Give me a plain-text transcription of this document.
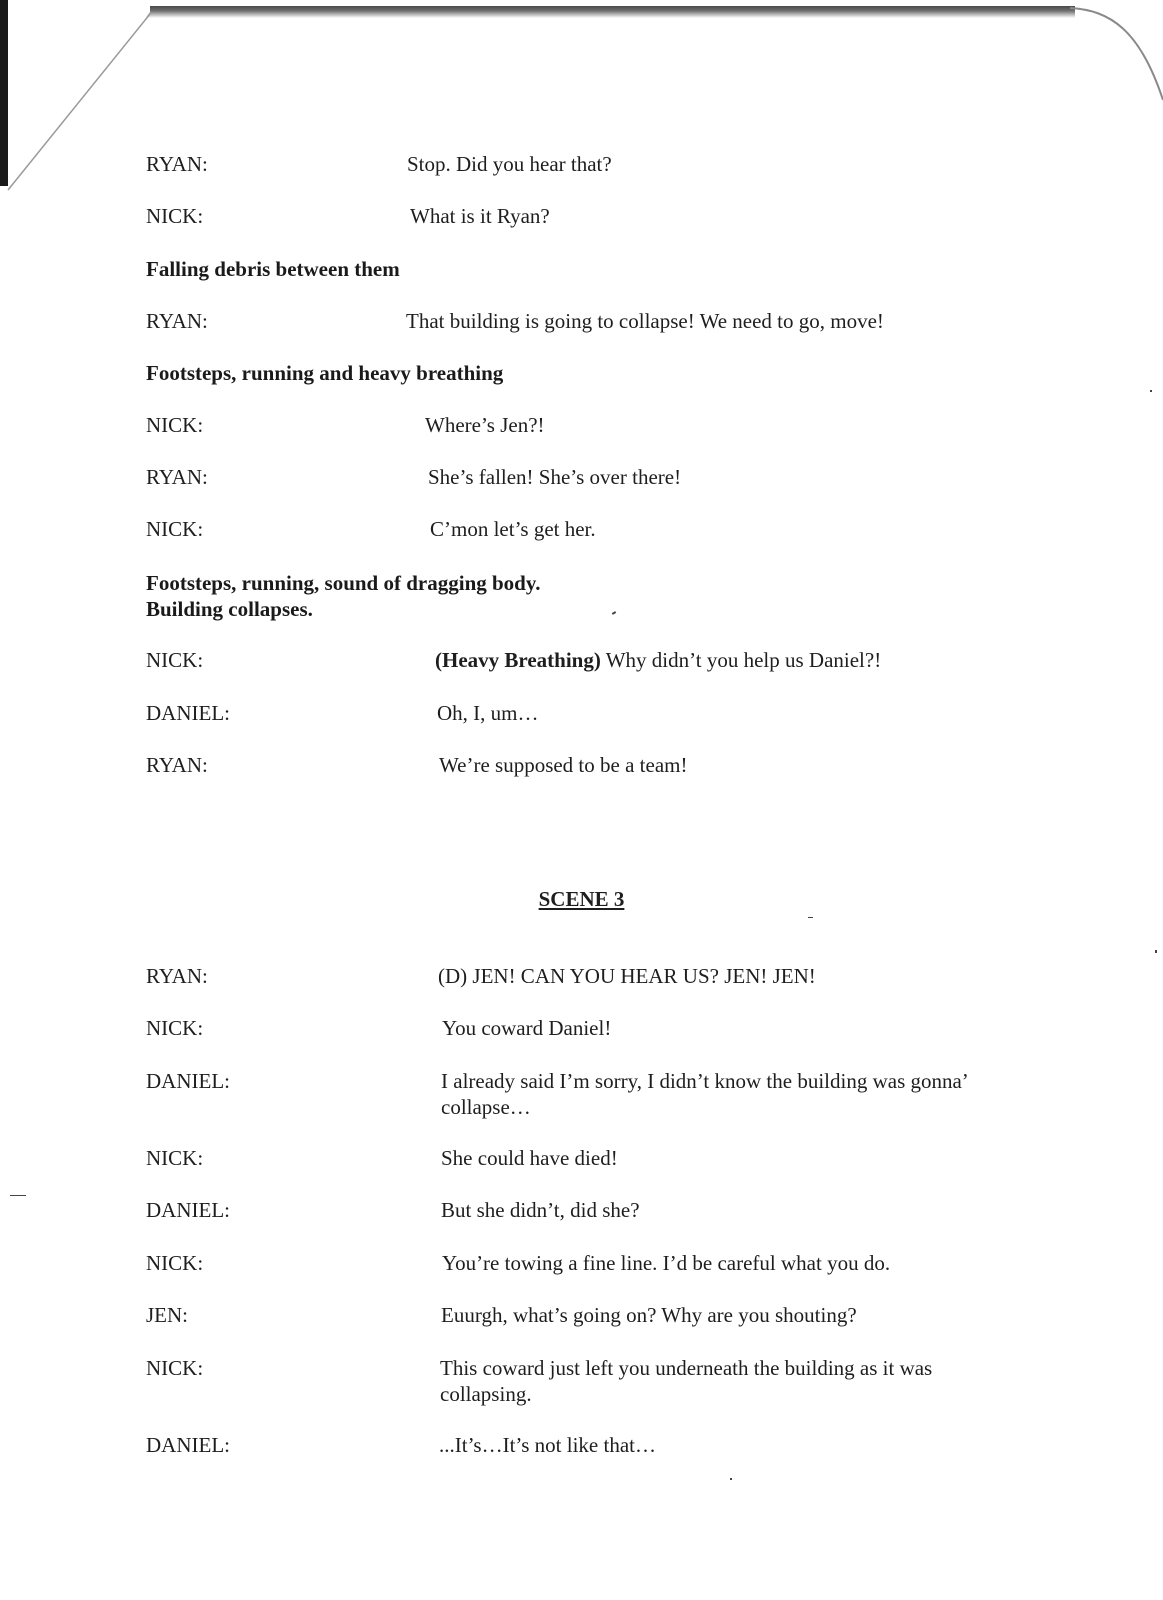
RYAN:	Stop. Did you hear that?
NICK:	What is it Ryan?
Falling debris between them
RYAN:	That building is going to collapse! We need to go, move!
Footsteps, running and heavy breathing
NICK:	Where’s Jen?!
RYAN:	She’s fallen! She’s over there!
NICK:	C’mon let’s get her.
Footsteps, running, sound of dragging body.
Building collapses.
NICK:	(Heavy Breathing) Why didn’t you help us Daniel?!
DANIEL:	Oh, I, um…
RYAN:	We’re supposed to be a team!
SCENE 3
RYAN:	(D) JEN! CAN YOU HEAR US? JEN! JEN!
NICK:	You coward Daniel!
DANIEL:	I already said I’m sorry, I didn’t know the building was gonna’ collapse…
NICK:	She could have died!
DANIEL:	But she didn’t, did she?
NICK:	You’re towing a fine line. I’d be careful what you do.
JEN:	Euurgh, what’s going on? Why are you shouting?
NICK:	This coward just left you underneath the building as it was collapsing.
DANIEL:	...It’s…It’s not like that…
